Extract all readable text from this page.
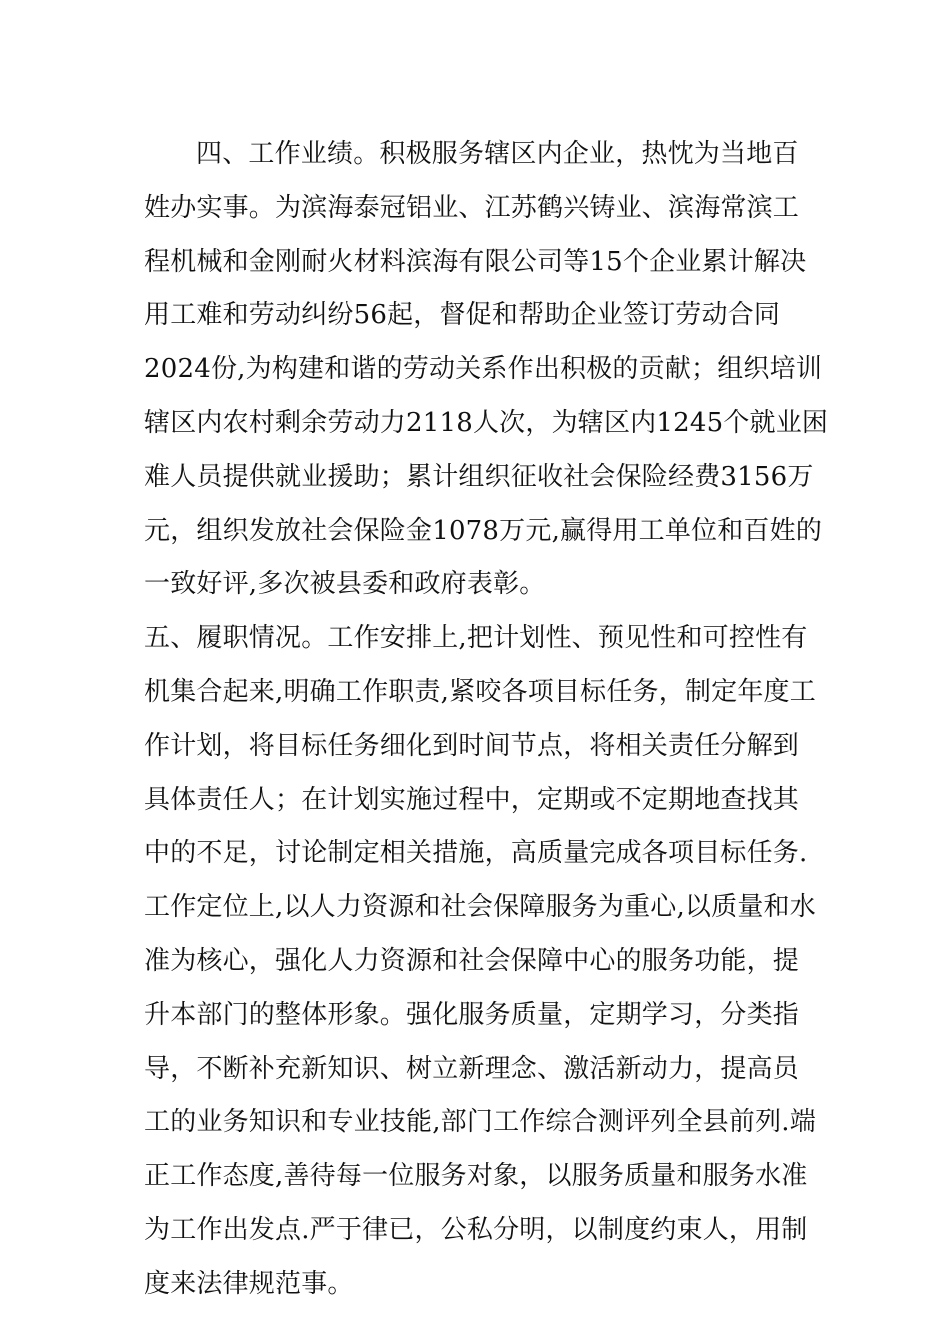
四、工作业绩。积极服务辖区内企业，热忱为当地百
姓办实事。为滨海泰冠铝业、江苏鹤兴铸业、滨海常滨工
程机械和金刚耐火材料滨海有限公司等15个企业累计解决
用工难和劳动纠纷56起，督促和帮助企业签订劳动合同
2024份,为构建和谐的劳动关系作出积极的贡献；组织培训
辖区内农村剩余劳动力2118人次，为辖区内1245个就业困
难人员提供就业援助；累计组织征收社会保险经费3156万
元，组织发放社会保险金1078万元,赢得用工单位和百姓的
一致好评,多次被县委和政府表彰。
五、履职情况。工作安排上,把计划性、预见性和可控性有
机集合起来,明确工作职责,紧咬各项目标任务，制定年度工
作计划，将目标任务细化到时间节点，将相关责任分解到
具体责任人；在计划实施过程中，定期或不定期地查找其
中的不足，讨论制定相关措施，高质量完成各项目标任务.
工作定位上,以人力资源和社会保障服务为重心,以质量和水
准为核心，强化人力资源和社会保障中心的服务功能，提
升本部门的整体形象。强化服务质量，定期学习，分类指
导，不断补充新知识、树立新理念、激活新动力，提高员
工的业务知识和专业技能,部门工作综合测评列全县前列.端
正工作态度,善待每一位服务对象，以服务质量和服务水准
为工作出发点.严于律已，公私分明，以制度约束人，用制
度来法律规范事。
